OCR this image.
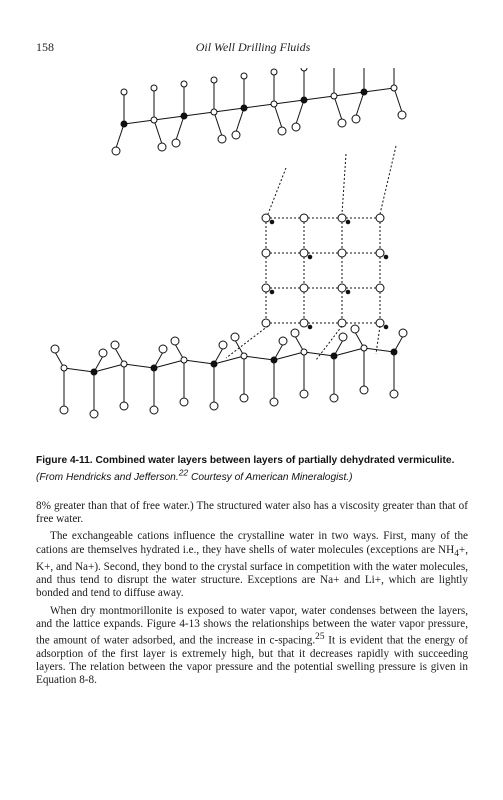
158	Oil Well Drilling Fluids
Figure 4-11. Combined water layers between layers of partially dehydrated vermiculite. (From Hendricks and Jefferson.$^{22}$ Courtesy of American Mineralogist.)

8% greater than that of free water.) The structured water also has a viscosity greater than that of free water.

The exchangeable cations influence the crystalline water in two ways. First, many of the cations are themselves hydrated i.e., they have shells of water molecules (exceptions are $NH_4+$, K+, and Na+). Second, they bond to the crystal surface in competition with the water molecules, and thus tend to disrupt the water structure. Exceptions are Na+ and Li+, which are lightly bonded and tend to diffuse away.

When dry montmorillonite is exposed to water vapor, water condenses between the layers, and the lattice expands. Figure 4-13 shows the relationships between the water vapor pressure, the amount of water adsorbed, and the increase in c-spacing.$^{25}$ It is evident that the energy of adsorption of the first layer is extremely high, but that it decreases rapidly with succeeding layers. The relation between the vapor pressure and the potential swelling pressure is given in Equation 8-8.
